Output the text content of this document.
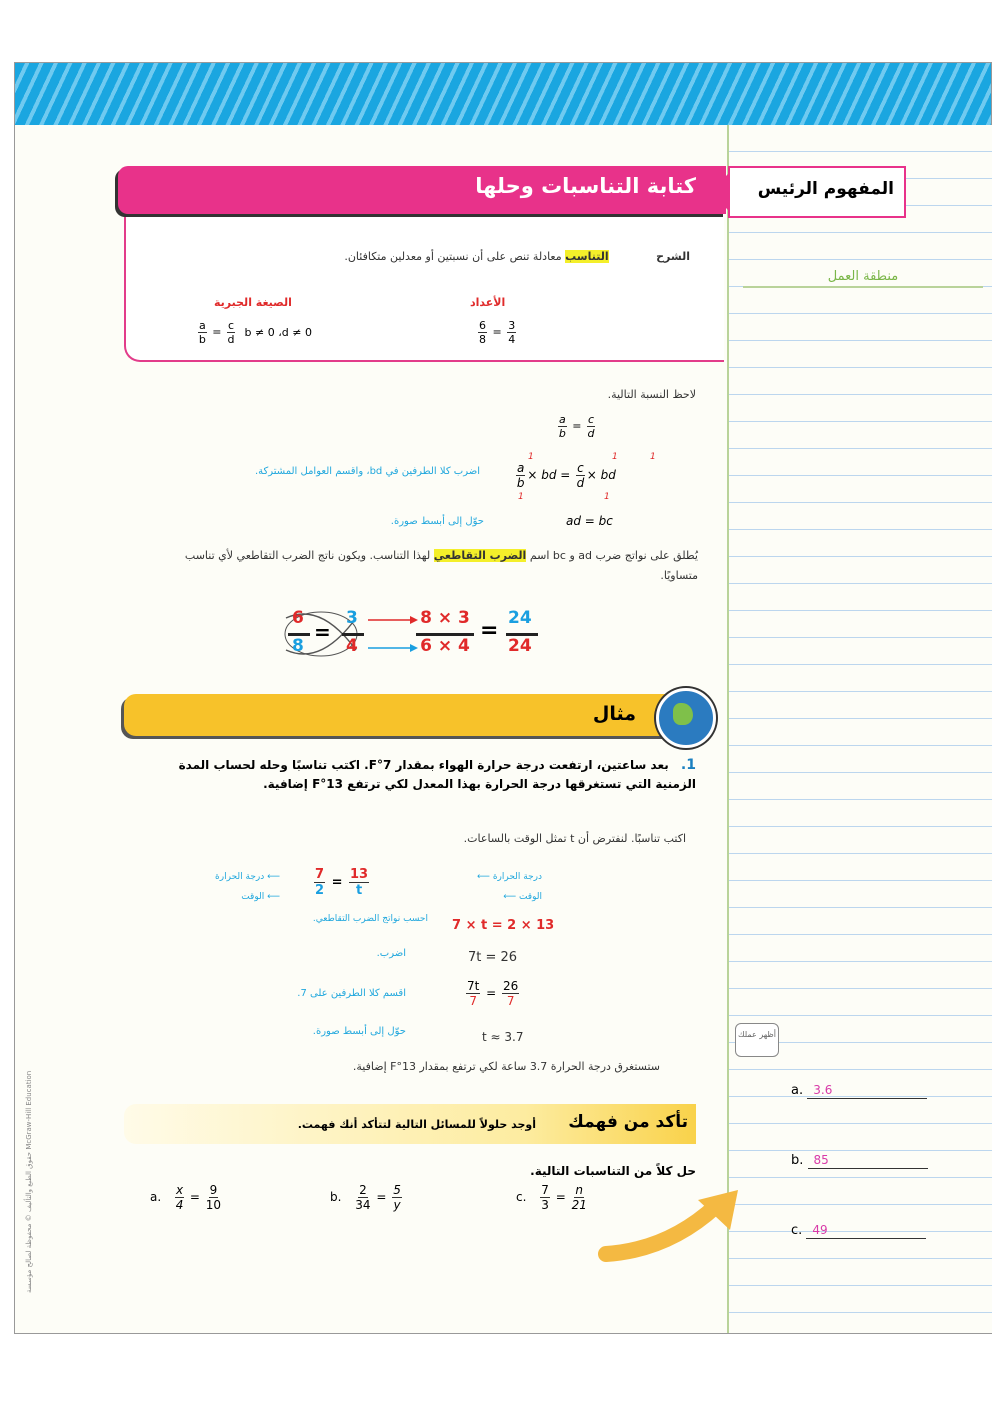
منطقة العمل
أظهر عملك
a. 3.6
b. 85
c. 49
حقوق الطبع والتأليف © محفوظة لصالح مؤسسة McGraw-Hill Education
كتابة التناسبات وحلها	المفهوم الرئيس
الشرح التناسب معادلة تنص على أن نسبتين أو معدلين متكافئان.
الأعداد
الصيغة الجبرية
$\frac{6}{8} = \frac{3}{4}$
$\frac{a}{b} = \frac{c}{d}$ b ≠ 0 ،d ≠ 0
لاحظ النسبة التالية.
$\frac{a}{b} = \frac{c}{d}$
1	1	1
$\frac{a}{b}$ × bd = $\frac{c}{d}$ × bd
1	1
اضرب كلا الطرفين في bd، واقسم العوامل المشتركة.
ad = bc
حوّل إلى أبسط صورة.
يُطلق على نواتج ضرب ad و bc اسم الضرب التقاطعي لهذا التناسب. ويكون ناتج الضرب التقاطعي لأي تناسب متساويًا.
6
8
=
3
4
8 × 3
6 × 4
= 24
24
مثال
1. بعد ساعتين، ارتفعت درجة حرارة الهواء بمقدار 7°F. اكتب تناسبًا وحله لحساب المدة الزمنية التي تستغرقها درجة الحرارة بهذا المعدل لكي ترتفع 13°F إضافية.
اكتب تناسبًا. لنفترض أن t تمثل الوقت بالساعات.
درجة الحرارة ⟵
الوقت ⟵
$\frac{7}{2} = \frac{13}{t}$
⟵ درجة الحرارة
⟵ الوقت
احسب نواتج الضرب التقاطعي. 7 × t = 2 × 13
اضرب.	7t = 26
اقسم كلا الطرفين على 7.	$\frac{7t}{7} = \frac{26}{7}$
حوّل إلى أبسط صورة.	t ≈ 3.7
ستستغرق درجة الحرارة 3.7 ساعة لكي ترتفع بمقدار 13°F إضافية.
تأكد من فهمك
أوجد حلولاً للمسائل التالية لتتأكد أنك فهمت.
حل كلاً من التناسبات التالية.
a. $\frac{x}{4} = \frac{9}{10}$	b. $\frac{2}{34} = \frac{5}{y}$	c. $\frac{7}{3} = \frac{n}{21}$
